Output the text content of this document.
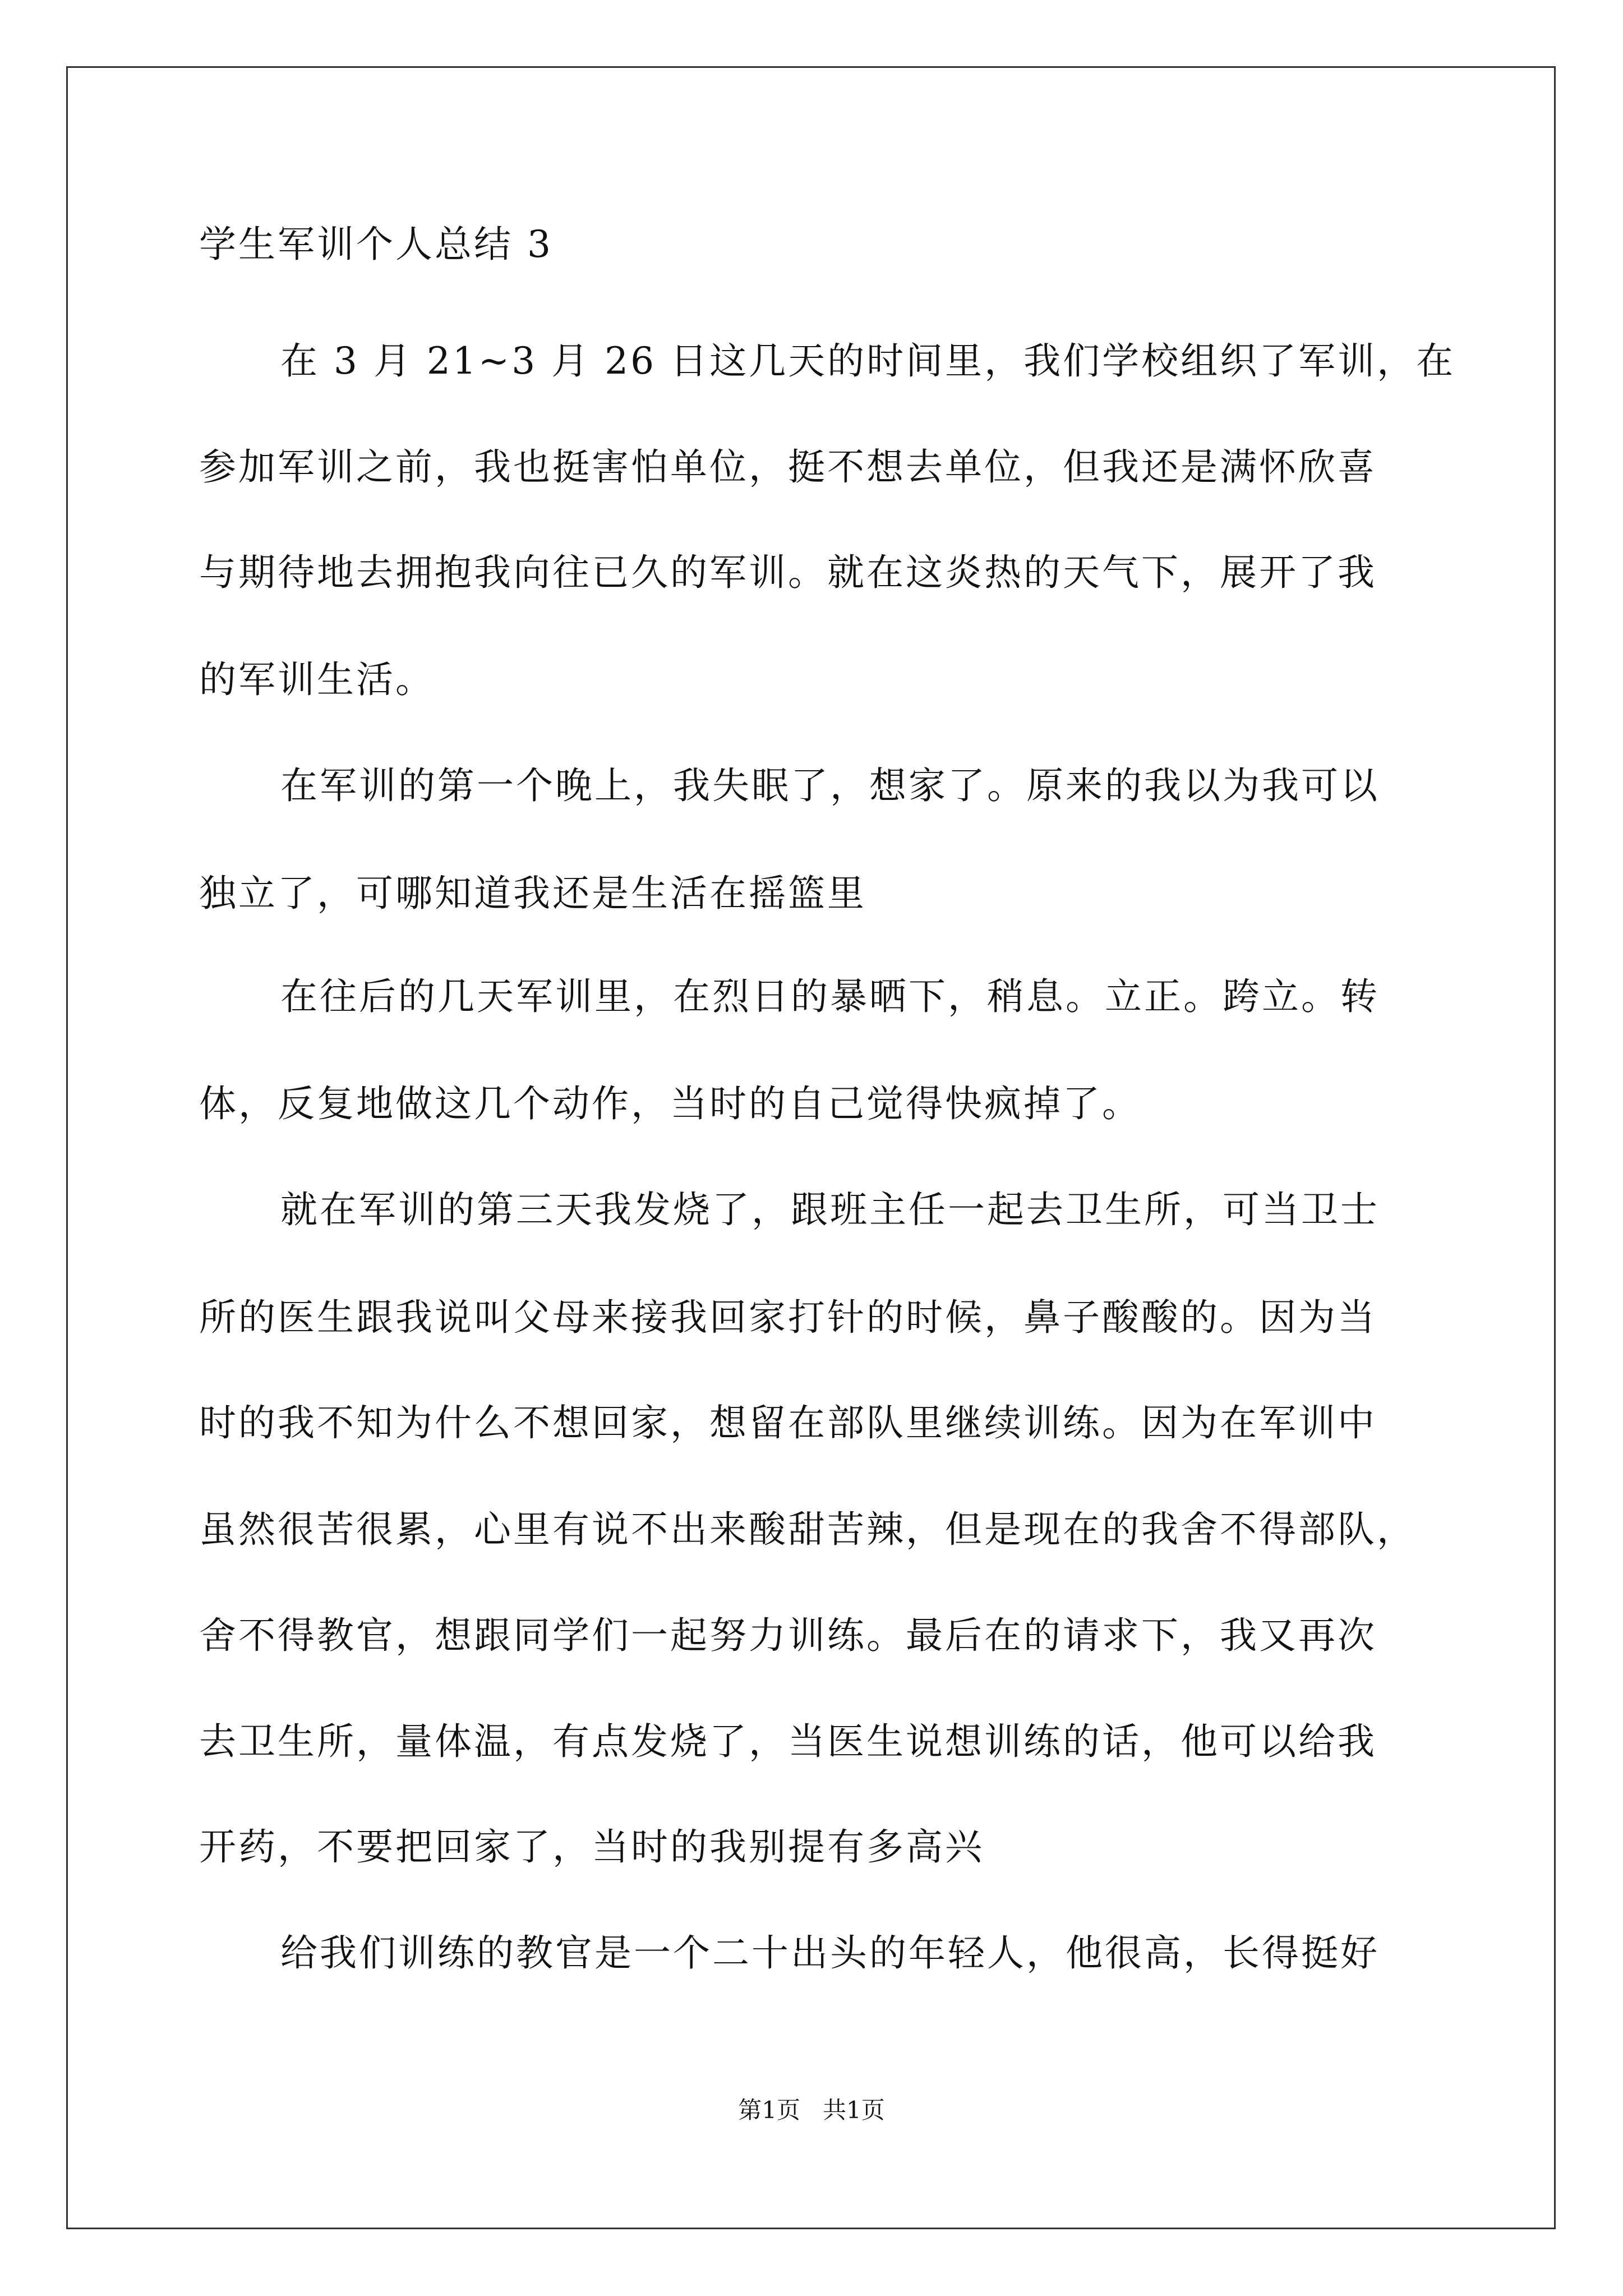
学生军训个人总结 3
在 3 月 21~3 月 26 日这几天的时间里，我们学校组织了军训，在
参加军训之前，我也挺害怕单位，挺不想去单位，但我还是满怀欣喜
与期待地去拥抱我向往已久的军训。就在这炎热的天气下，展开了我
的军训生活。
在军训的第一个晚上，我失眠了，想家了。原来的我以为我可以
独立了，可哪知道我还是生活在摇篮里
在往后的几天军训里，在烈日的暴晒下，稍息。立正。跨立。转
体，反复地做这几个动作，当时的自己觉得快疯掉了。
就在军训的第三天我发烧了，跟班主任一起去卫生所，可当卫士
所的医生跟我说叫父母来接我回家打针的时候，鼻子酸酸的。因为当
时的我不知为什么不想回家，想留在部队里继续训练。因为在军训中
虽然很苦很累，心里有说不出来酸甜苦辣，但是现在的我舍不得部队，
舍不得教官，想跟同学们一起努力训练。最后在的请求下，我又再次
去卫生所，量体温，有点发烧了，当医生说想训练的话，他可以给我
开药，不要把回家了，当时的我别提有多高兴
给我们训练的教官是一个二十出头的年轻人，他很高，长得挺好
第1页   共1页
